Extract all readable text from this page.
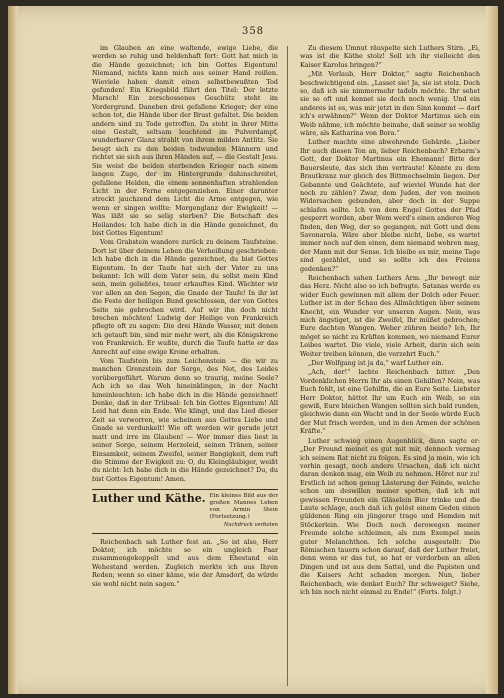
358

im Glauben an eine waltende, ewige Liebe, die werden so ruhig und heldenhaft fort: Gott hat mich in die Hände gezeichnet; ich bin Gottes Eigentum! Niemand, nichts kann mich aus seiner Hand reißen. Wieviele haben damit einen selbstbewußten Tod gefunden! Ein Kriegsbild führt den Titel: Der letzte Marsch! Ein zerschossenes Geschütz steht im Vordergrund. Daneben drei gefallene Krieger; der eine schon tot, die Hände über der Brust gefaltet. Die beiden andern sind zu Tode getroffen. Da steht in ihrer Mitte eine Gestalt, seltsam leuchtend im Pulverdampf, wunderbarer Glanz strahlt von ihrem milden Antlitz. Sie beugt sich zu den beiden todwunden Männern und richtet sie sich aus ihren Händen auf, — die Gestalt Jesu. Sie weist die beiden sterbenden Krieger nach einem langen Zuge, der im Hintergrunde dahinschreitet, gefallene Helden, die einem sonnenhaften strahlenden Licht in der Ferne entgegenziehen. Einer darunter streckt jauchzend dem Licht die Arme entgegen, wie wenn er singen wollte: Morgenglanz der Ewigkeit! — Was läßt sie so selig sterben? Die Botschaft des Heilandes: Ich habe dich in die Hände gezeichnet, du bist Gottes Eigentum!

Vom Grabstein wandere zurück zu deinem Taufsteine. Dort ist über deinem Leben die Verheißung geschrieben: Ich habe dich in die Hände gezeichnet, du bist Gottes Eigentum. In der Taufe hat sich der Vater zu uns bekannt: Ich will dein Vater sein, du sollst mein Kind sein, mein geliebtes, teuer erkauftes Kind. Wächter wir vor allen an den Segen, die Gnade der Taufe! In ihr ist die Feste der heiligen Bund geschlossen, der von Gottes Seite nie gebrochen wird. Auf wir ihn doch nicht brechen möchten! Ludwig der Heilige von Frankreich pflegte oft zu sagen: Die drei Hände Wasser, mit denen ich getauft bin, sind mir mehr wert, als die Königskrone von Frankreich. Er wußte, durch die Taufe hatte er das Anrecht auf eine ewige Krone erhalten.

Vom Taufstein bis zum Leichenstein — die wir zu manchen Grenzstein der Sorge, des Not, des Leides vorübergeführt. Warum denn so traurig, meine Seele? Ach ich so das Weh hineinklingen, in der Nacht hineinleuchten: ich habe dich in die Hände gezeichnet! Denke, daß in der Trübsal: Ich bin Gottes Eigentum! All Leid hat denn ein Ende. Wie klingt, und das Lied dieser Zeit so verworren, wie scheinen aus Gottes Liebe und Gnade so verdunkelt! Wie oft werden wir gerade jetzt matt und irre im Glauben! — Wer immer dies liest in seiner Sorge, seinem Herzeleid, seinen Tränen, seiner Einsamkeit, seinem Zweifel, seiner Bangigkeit, dem ruft die Stimme der Ewigkeit zu: O, du Kleingläubiger, weißt du nicht: Ich habe dich in die Hände gezeichnet? Du, du bist Gottes Eigentum! Amen.

Luther und Käthe. Ein kleines Bild aus der großen Mannes Leben von Armin Stein (Fortsetzung.)
Nachdruck verboten

Reichenbach sah Luther fest an. „So ist also, Herr Doktor, ich möchte so ein ungleich Paar zusammengekoppelt und aus dem Ehestand ein Wehestand werden. Zugleich merkte ich aus Ihren Reden; wenn so einer käme, wie der Amsdorf, da würde sie wohl nicht nein sagen.“

Zu diesem Umnut räuspelte sich Luthers Stirn. „Ei, was ist die Käthe stolz! Soll ich ihr vielleicht den Kaiser Karolus bringen?“

„Mit Verlaub, Herr Doktor,“ sagte Reichenbach beschwichtigend ein. „Lasset sie! Ja, sie ist stolz. Doch so, daß ich sie nimmermehr tadeln möchte. Ihr sehet sie so oft und kennet sie doch noch wenig. Und ein anderes ist es, was mir jetzt in den Sinn kommt — darf ich's erwähnen?“ Wenn der Doktor Martinus sich ein Weib nähme, ich möchte beinahe, daß seiner so wohlig wäre, als Katharina von Bora.“

Luther machte eine abwehrende Gebärde. „Lieber Ihr auch diesen Ton an, lieber Reichenbach? Erbarm's Gott, der Doktor Martinus ein Ehemann! Bitte der Bauersleute, das sich ihm vertraute! Könnte zu dem Brautkranz nur gleich des Bittmochselmin liegen. Der Gebannte und Geächtete, auf wieviel Wunde hat der noch zu zählen? Zwar, dem Juden, der von meinen Widersachen gebunden, aber doch in der Suppe schlafen sollte. Ich von dem Engel Gottes der Pfad gesperrt worden, aber Wem werd's einen anderen Weg finden, den Weg, der so gegangen, mit Gott und dem Savonarola. Wäre aber bleibe nicht, liebe, es wartet immer noch auf den einen, dem niemand wehren mag, der Mann mit der Sense. Ich bleibe es mir, meine Tage sind gezählet, und so sollte ich des Freiens gedenken?“

Reichenbach sahen Luthers Arm. „Ihr bewegt mir das Herz. Nicht also so ich befragte. Satanas werde es wider Euch gewinnen mit allem der Dolch oder Feuer. Luther ist in der Schau des Allmächtigen über seinem Knecht, ein Wunder vor unseren Augen. Nein, was mich ängstiget, ist die Zweifel, Ihr müßet gebrochen; Eure dachten Wangen. Weber zühren beide? Ich, Ihr möget so nicht zu Kräften kommen, wo niemand Eurer Leibes wartet. Die viele, viele Arbeit, darin sich sein Weiter treiben können, die verzehrt Euch.“

„Der Wolfgang ist ja da,“ warf Luther ein.

„Ach, der!“ lachte Reichenbach bitter. „Den Vordenklichen Herrn Ihr als einen Gehilfen? Nein, was Euch fehlt, ist eine Gehilfin, die an Eure Seite. Liebster Herr Doktor, hättet Ihr um Euch ein Weib, so ein gewiß, Eure bleichen Wangen sollten sich bald runden, gleichwie dann ein Wacht und in der Seele würde Euch der Mut frisch werden, und in den Armen der schönen Kräfte.“

Luther schwieg einen Augenblick, dann sagte er: „Der Freund meinet es gut mit mir, dennoch vermag ich seinem Rat nicht zu folgen. Es sind ja mein, wie ich vorhin gesagt, noch andere Ursachen, daß ich nicht daran denken mag, ein Weib zu nehmen. Höret nur zu! Erstlich ist schon genug Lästerung der Feinde, welche schon um deswillen meiner spotten, daß ich mit gewissen Freunden ein Gläselein Bier trinke und die Laute schlage, auch daß ich gelöst einem Geden einen güldenen Ring ein jüngerer trage und Hemden mit Stöckerlein. Wie Doch noch derowegen meiner Freunde solche schleimen, als zum Exempel mein guter Melanchthon. Ich solche ausgestellt: Die Römischen tauern schon darauf, daß der Luther freiet, denn wenn er das tut, so hat er verdorben an allen Dingen und ist aus dem Sattel, und die Papisten und die Kaisers Acht schaden morgen. Nun, lieber Reichenbach, wie denket Euch? Ihr schweiget? Siehe, ich bin noch nicht einmal zu Ende!“ (Forts. folgt.)
